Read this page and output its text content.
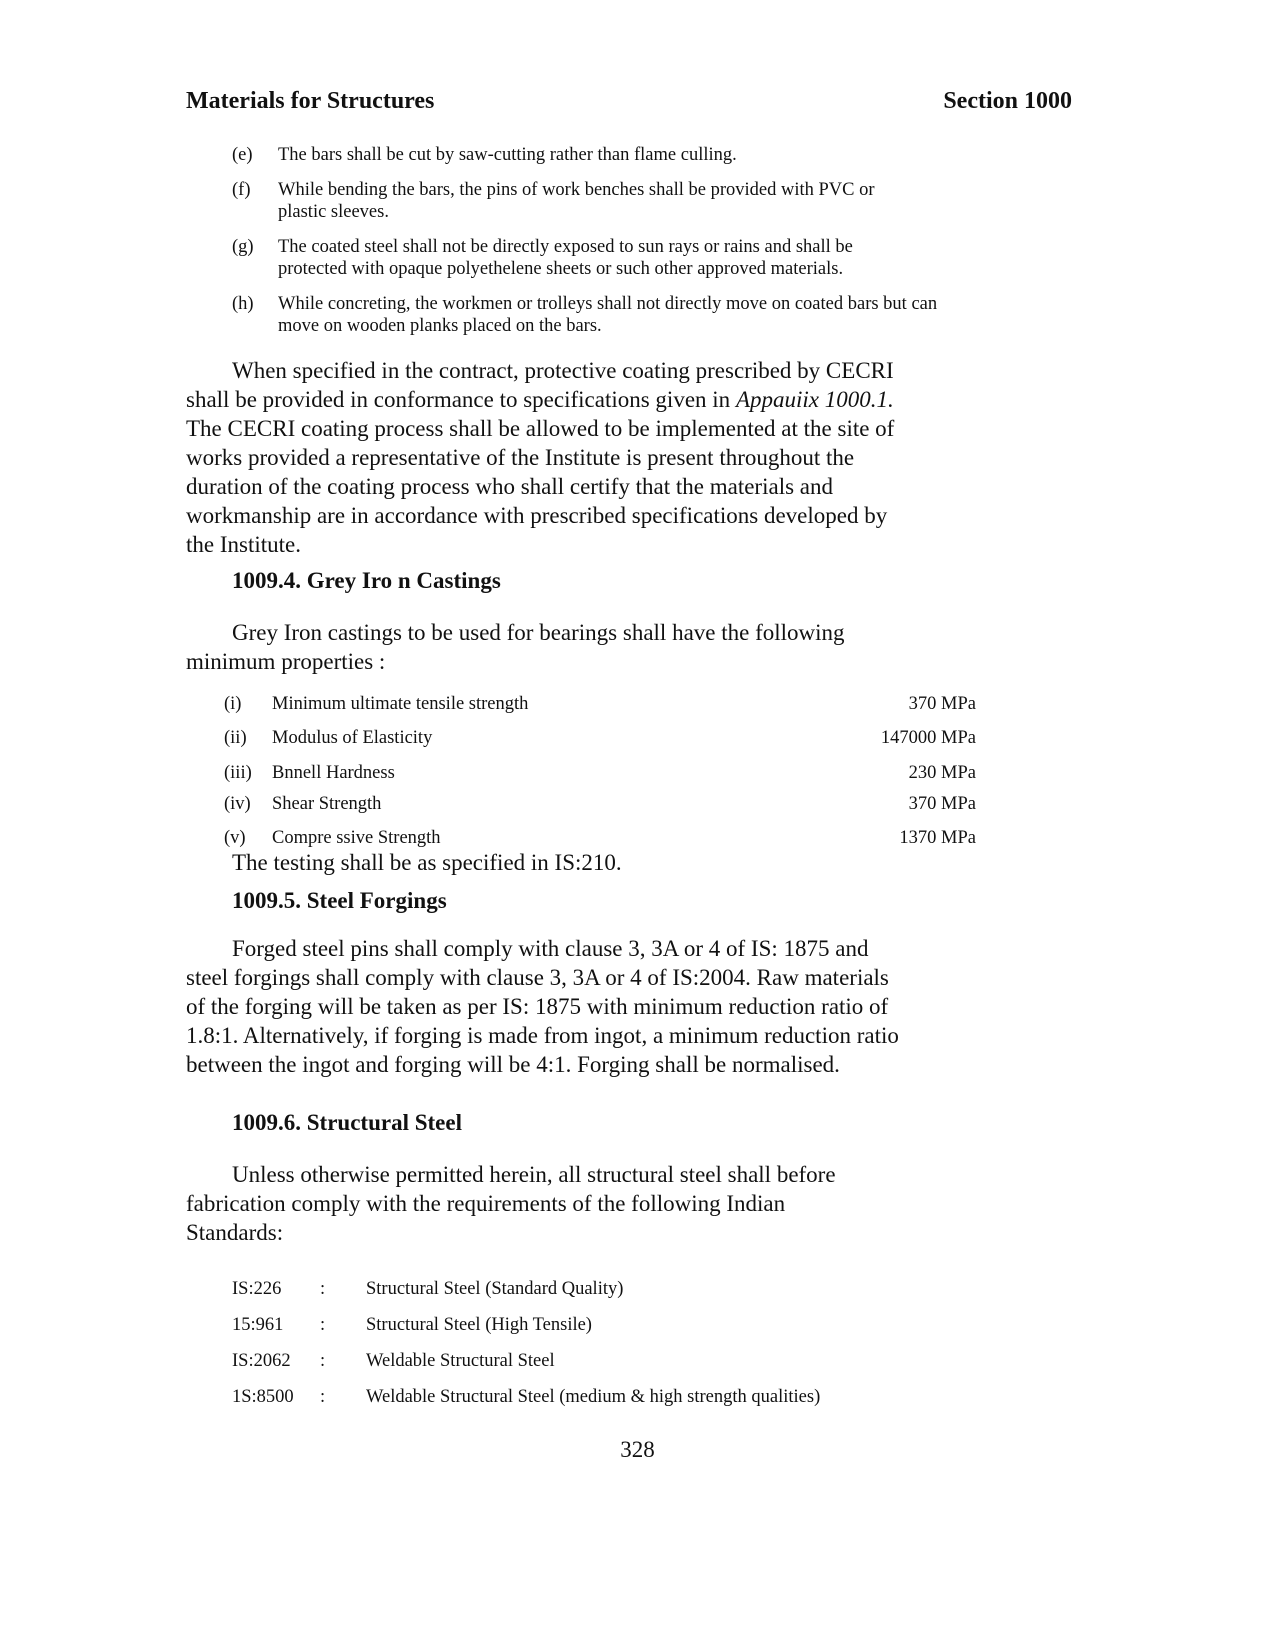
Materials for Structures	Section 1000
(e)	The bars shall be cut by saw-cutting rather than flame culling.
(f)	While bending the bars, the pins of work benches shall be provided with PVC or plastic sleeves.
(g)	The coated steel shall not be directly exposed to sun rays or rains and shall be protected with opaque polyethelene sheets or such other approved materials.
(h)	While concreting, the workmen or trolleys shall not directly move on coated bars but can move on wooden planks placed on the bars.

When specified in the contract, protective coating prescribed by CECRI shall be provided in conformance to specifications given in Appauiix 1000.1. The CECRI coating process shall be allowed to be implemented at the site of works provided a representative of the Institute is present throughout the duration of the coating process who shall certify that the materials and workmanship are in accordance with prescribed specifications developed by the Institute.

1009.4. Grey Iro n Castings

Grey Iron castings to be used for bearings shall have the following minimum properties :

(i)	Minimum ultimate tensile strength	370 MPa
(ii)	Modulus of Elasticity	147000 MPa
(iii)	Bnnell Hardness	230 MPa
(iv)	Shear Strength	370 MPa
(v)	Compre ssive Strength	1370 MPa

The testing shall be as specified in IS:210.

1009.5. Steel Forgings

Forged steel pins shall comply with clause 3, 3A or 4 of IS: 1875 and steel forgings shall comply with clause 3, 3A or 4 of IS:2004. Raw materials of the forging will be taken as per IS: 1875 with minimum reduction ratio of 1.8:1. Alternatively, if forging is made from ingot, a minimum reduction ratio between the ingot and forging will be 4:1. Forging shall be normalised.

1009.6. Structural Steel

Unless otherwise permitted herein, all structural steel shall before fabrication comply with the requirements of the following Indian Standards:

IS:226	:	Structural Steel (Standard Quality)
15:961	:	Structural Steel (High Tensile)
IS:2062	:	Weldable Structural Steel
1S:8500	:	Weldable Structural Steel (medium & high strength qualities)
328
